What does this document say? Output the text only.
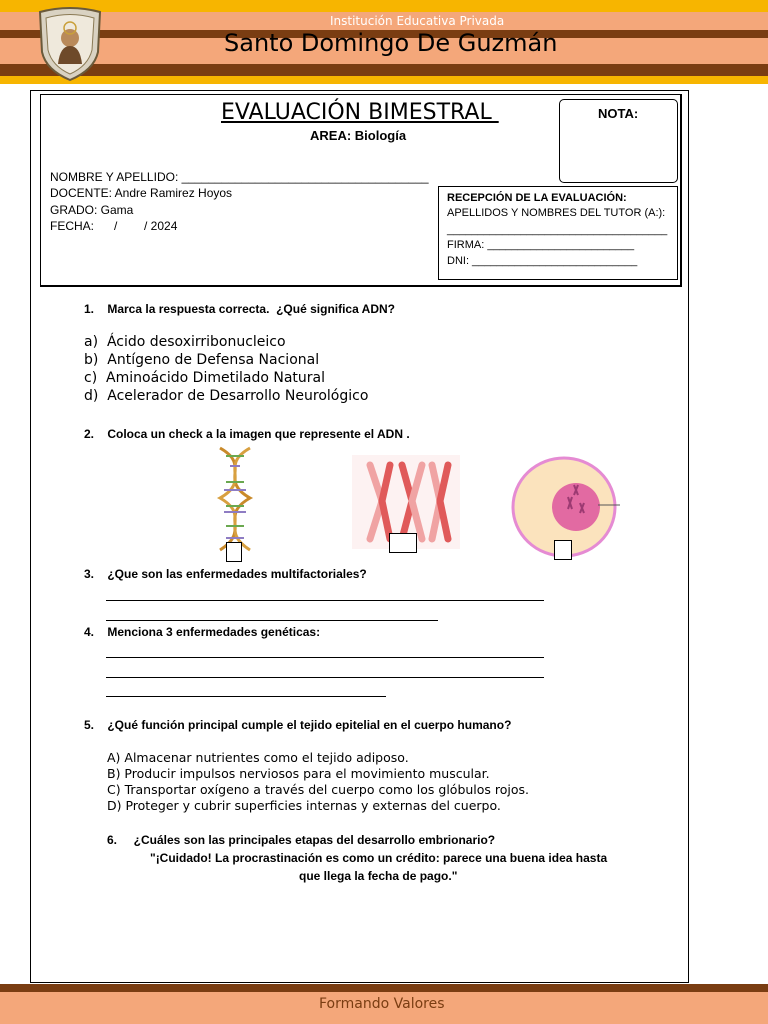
Institución Educativa Privada
Santo Domingo De Guzmán
EVALUACIÓN BIMESTRAL
AREA: Biología
NOTA:
NOMBRE Y APELLIDO: _____________________________________
DOCENTE: Andre Ramirez Hoyos
GRADO: Gama
FECHA:      /        / 2024
RECEPCIÓN DE LA EVALUACIÓN:
APELLIDOS Y NOMBRES DEL TUTOR (A:):
____________________________________
FIRMA: ________________________
DNI: ___________________________
1.    Marca la respuesta correcta.  ¿Qué significa ADN?
a)  Ácido desoxirribonucleico
b)  Antígeno de Defensa Nacional
c)  Aminoácido Dimetilado Natural
d)  Acelerador de Desarrollo Neurológico
2.    Coloca un check a la imagen que represente el ADN .
3.    ¿Que son las enfermedades multifactoriales?
4.    Menciona 3 enfermedades genéticas:
5.    ¿Qué función principal cumple el tejido epitelial en el cuerpo humano?
A) Almacenar nutrientes como el tejido adiposo.
B) Producir impulsos nerviosos para el movimiento muscular.
C) Transportar oxígeno a través del cuerpo como los glóbulos rojos.
D) Proteger y cubrir superficies internas y externas del cuerpo.
6.     ¿Cuáles son las principales etapas del desarrollo embrionario?
"¡Cuidado! La procrastinación es como un crédito: parece una buena idea hasta
que llega la fecha de pago."
Formando Valores
